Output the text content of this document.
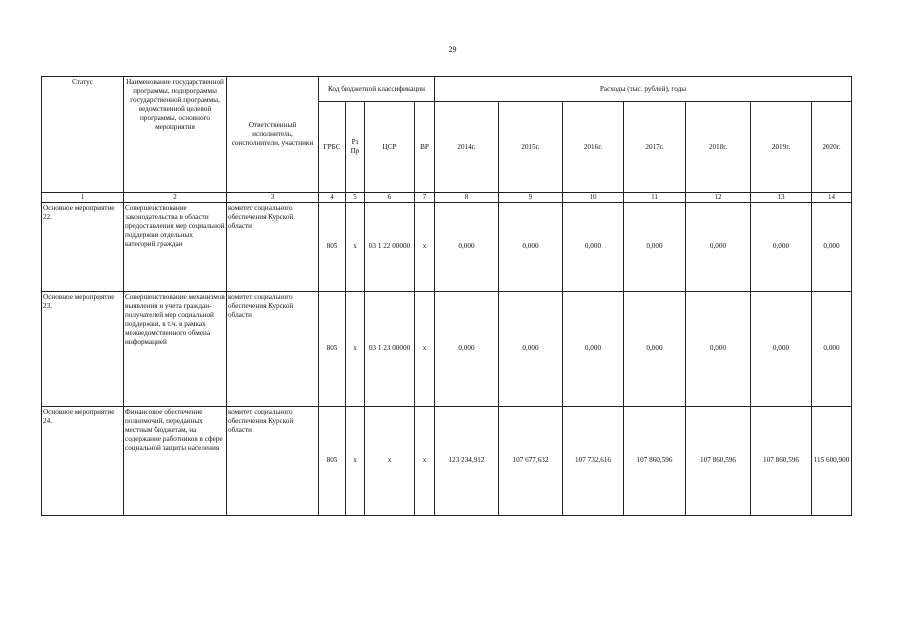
29
Статус	Наименование государственной программы, подпрограммы государственной программы, ведомственной целевой программы, основного мероприятия	Ответственный исполнитель, соисполнители, участники	Код бюджетной классификации				Расходы (тыс. рублей), годы						
			ГРБС	Рз Пр	ЦСР	ВР	2014г.	2015г.	2016г.	2017г.	2018г.	2019г.	2020г.
1	2	3	4	5	6	7	8	9	10	11	12	13	14
Основное мероприятие 22.	Совершенствование законодательства в области предоставления мер социальной поддержки отдельных категорий граждан	комитет социального обеспечения Курской области	805	x	03 1 22 00000	x	0,000	0,000	0,000	0,000	0,000	0,000	0,000
Основное мероприятие 23.	Совершенствование механизмов выявления и учета граждан-получателей мер социальной поддержки, в т.ч. в рамках межведомственного обмена информацией	комитет социального обеспечения Курской области	805	x	03 1 23 00000	x	0,000	0,000	0,000	0,000	0,000	0,000	0,000
Основное мероприятие 24.	Финансовое обеспечение полномочий, переданных местным бюджетам, на содержание работников в сфере социальной защиты населения	комитет социального обеспечения Курской области	805	x	x	x	123 234,912	107 677,632	107 732,616	107 860,596	107 860,596	107 860,596	115 600,900
